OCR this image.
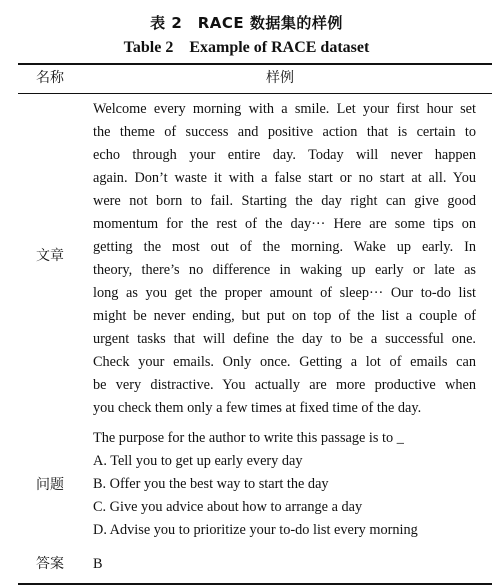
表 2　RACE 数据集的样例
Table 2　Example of RACE dataset
名称	样例
文章
Welcome every morning with a smile. Let your first hour set
the theme of success and positive action that is certain to
echo through your entire day. Today will never happen
again. Don’t waste it with a false start or no start at all. You
were not born to fail. Starting the day right can give good
momentum for the rest of the day··· Here are some tips on
getting the most out of the morning. Wake up early. In
theory, there’s no difference in waking up early or late as
long as you get the proper amount of sleep··· Our to-do list
might be never ending, but put on top of the list a couple of
urgent tasks that will define the day to be a successful one.
Check your emails. Only once. Getting a lot of emails can
be very distractive. You actually are more productive when
you check them only a few times at fixed time of the day.
问题
The purpose for the author to write this passage is to _
A. Tell you to get up early every day
B. Offer you the best way to start the day
C. Give you advice about how to arrange a day
D. Advise you to prioritize your to-do list every morning
答案 B
